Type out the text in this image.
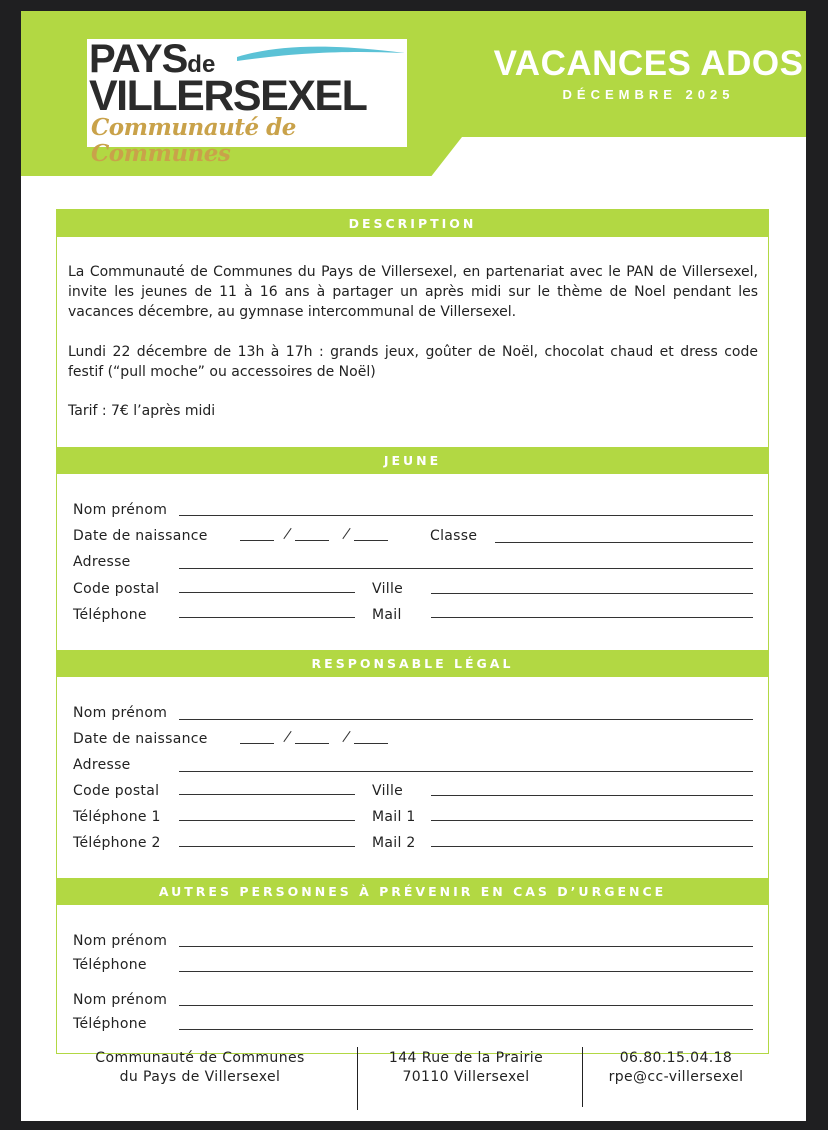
PAYSde
VILLERSEXEL
Communauté de Communes
VACANCES ADOS
DÉCEMBRE 2025
DESCRIPTION
La Communauté de Communes du Pays de Villersexel, en partenariat avec le PAN de Villersexel, invite les jeunes de 11 à 16 ans à partager un après midi sur le thème de Noel pendant les vacances décembre, au gymnase intercommunal de Villersexel.
Lundi 22 décembre de 13h à 17h : grands jeux, goûter de Noël, chocolat chaud et dress code festif (“pull moche” ou accessoires de Noël)
Tarif : 7€ l’après midi
JEUNE
Nom prénom
Date de naissance	Classe
Adresse
Code postal	Ville
Téléphone	Mail
RESPONSABLE LÉGAL
Nom prénom
Date de naissance
Adresse
Code postal	Ville
Téléphone 1	Mail 1
Téléphone 2	Mail 2
AUTRES PERSONNES À PRÉVENIR EN CAS D’URGENCE
Nom prénom
Téléphone
Nom prénom
Téléphone
Communauté de Communes
du Pays de Villersexel
144 Rue de la Prairie
70110 Villersexel
06.80.15.04.18
rpe@cc-villersexel
